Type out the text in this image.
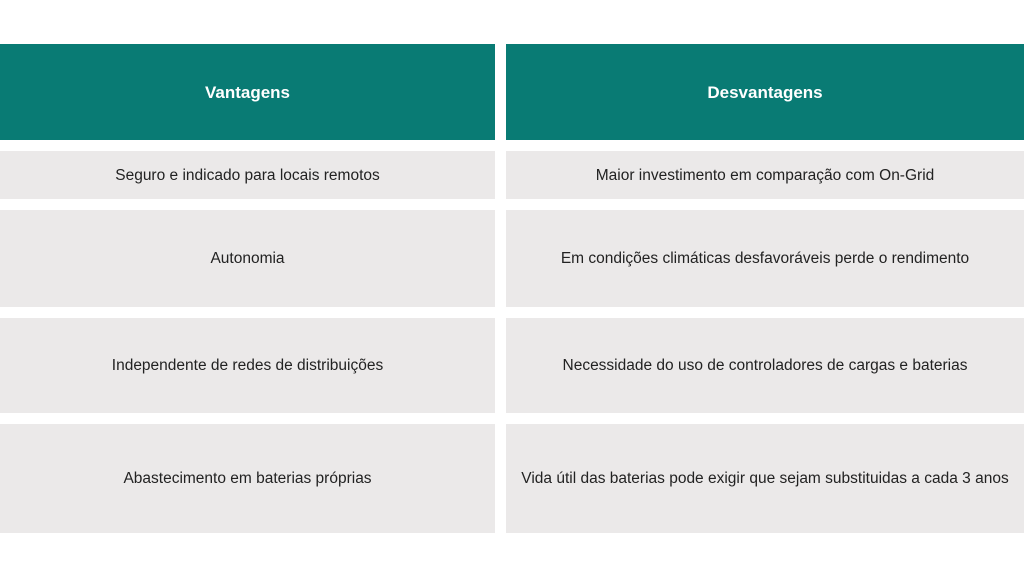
Vantagens	Desvantagens
Seguro e indicado para locais remotos	Maior investimento em comparação com On-Grid
Autonomia	Em condições climáticas desfavoráveis perde o rendimento
Independente de redes de distribuições	Necessidade do uso de controladores de cargas e baterias
Abastecimento em baterias próprias	Vida útil das baterias pode exigir que sejam substituidas a cada 3 anos
